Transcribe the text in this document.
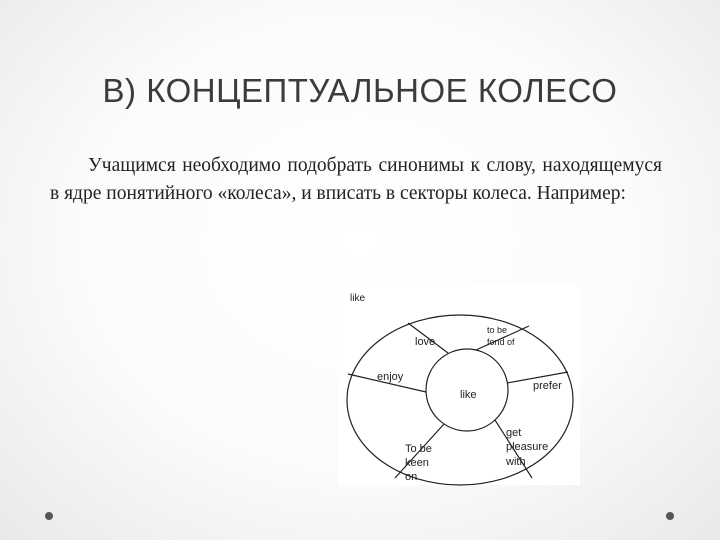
В) КОНЦЕПТУАЛЬНОЕ КОЛЕСО
Учащимся необходимо подобрать синонимы к слову, находящемуся в ядре понятийного «колеса», и вписать в секторы колеса. Например:
like
like
love
to be
fond of
enjoy
prefer
To be
keen
on
get
pleasure
with
